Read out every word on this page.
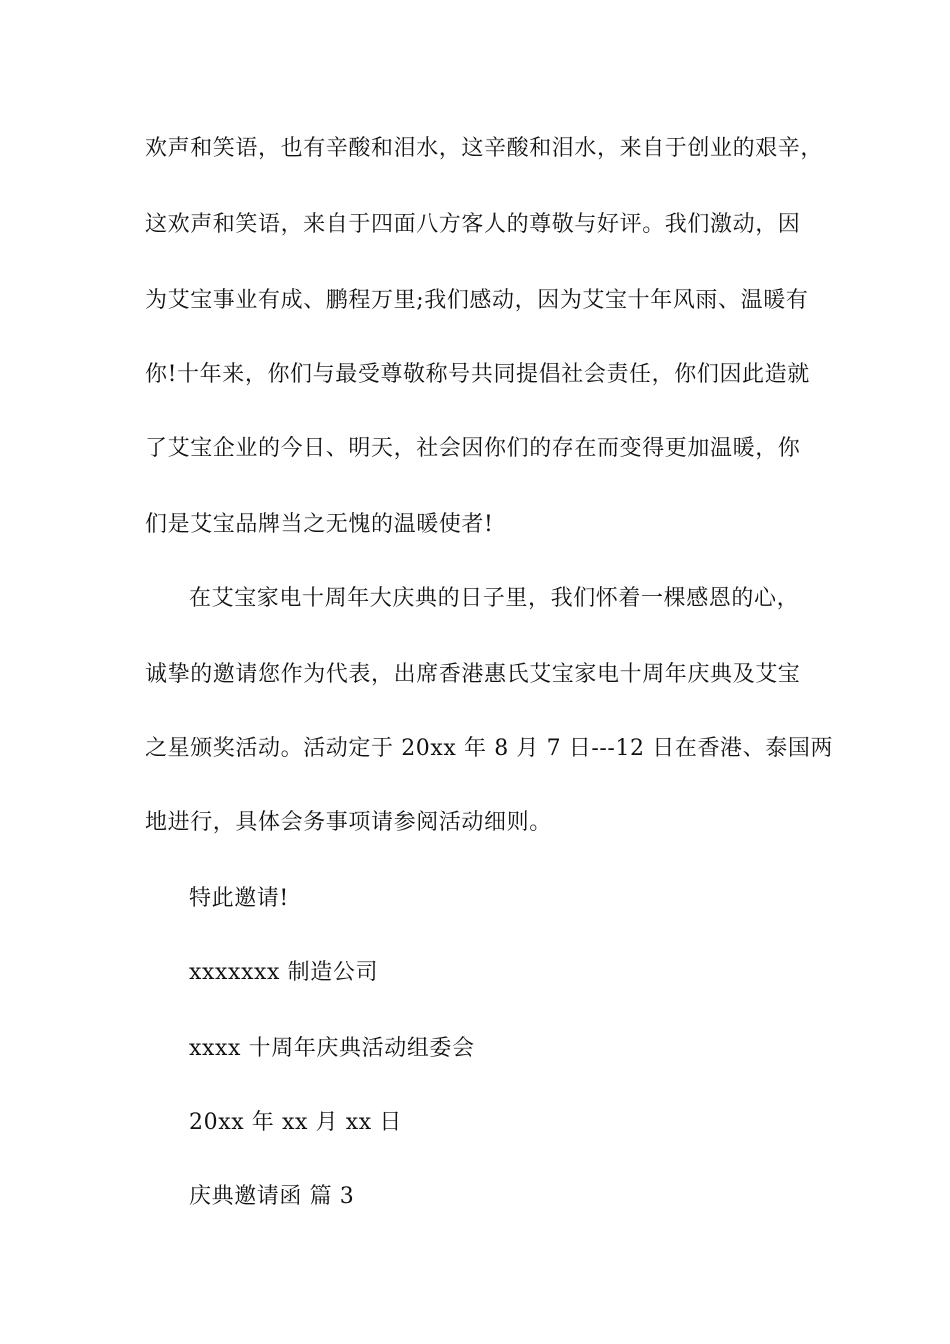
欢声和笑语，也有辛酸和泪水，这辛酸和泪水，来自于创业的艰辛，
这欢声和笑语，来自于四面八方客人的尊敬与好评。我们激动，因
为艾宝事业有成、鹏程万里;我们感动，因为艾宝十年风雨、温暖有
你!十年来，你们与最受尊敬称号共同提倡社会责任，你们因此造就
了艾宝企业的今日、明天，社会因你们的存在而变得更加温暖，你
们是艾宝品牌当之无愧的温暖使者!
在艾宝家电十周年大庆典的日子里，我们怀着一棵感恩的心，
诚挚的邀请您作为代表，出席香港惠氏艾宝家电十周年庆典及艾宝
之星颁奖活动。活动定于 20xx 年 8 月 7 日---12 日在香港、泰国两
地进行，具体会务事项请参阅活动细则。
特此邀请!
xxxxxxx 制造公司
xxxx 十周年庆典活动组委会
20xx 年 xx 月 xx 日
庆典邀请函 篇 3
